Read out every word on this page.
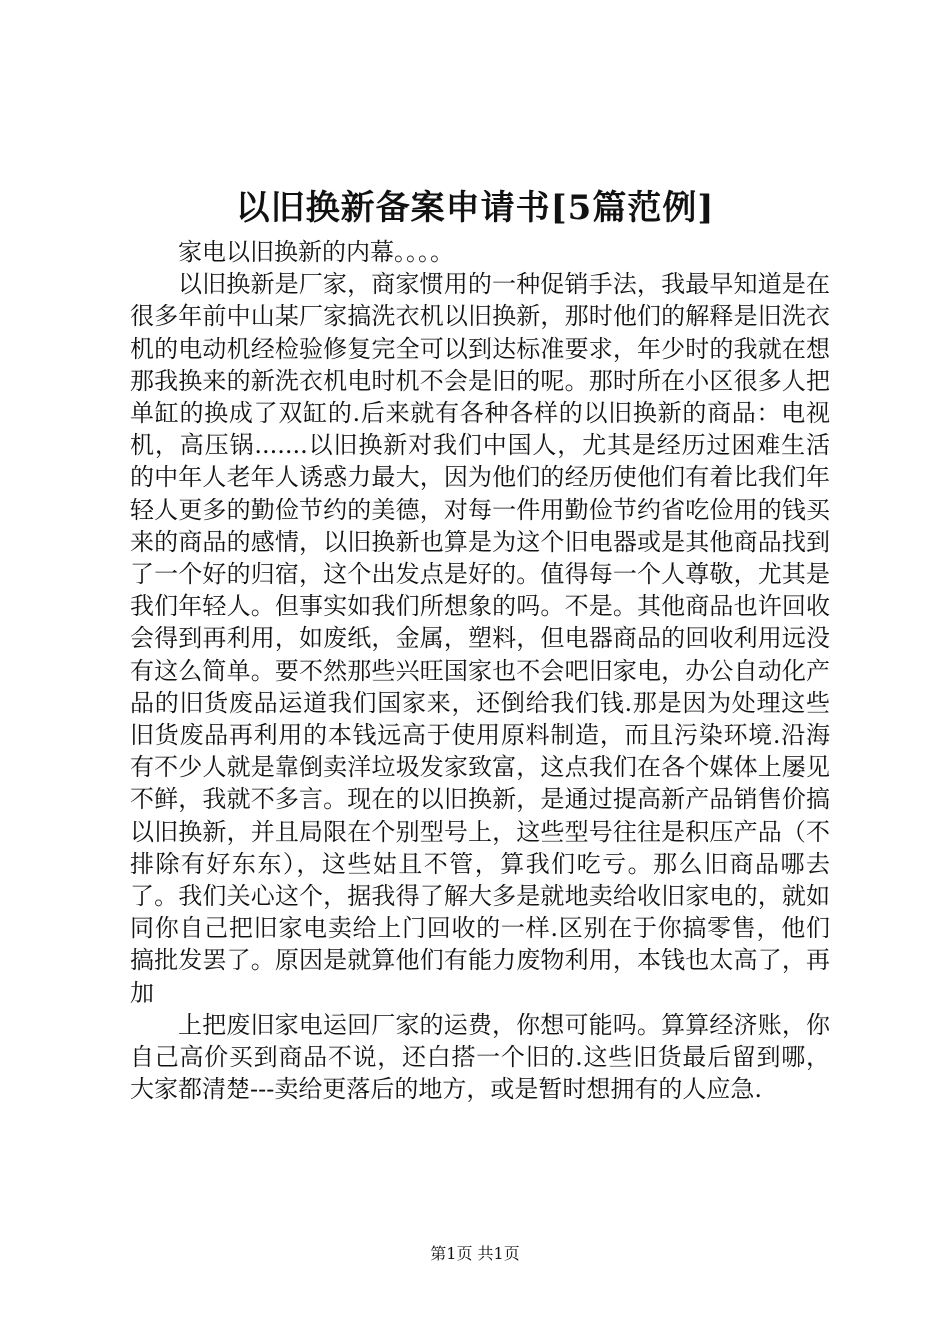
以旧换新备案申请书[5篇范例]

家电以旧换新的内幕。。。。

以旧换新是厂家，商家惯用的一种促销手法，我最早知道是在很多年前中山某厂家搞洗衣机以旧换新，那时他们的解释是旧洗衣机的电动机经检验修复完全可以到达标准要求，年少时的我就在想那我换来的新洗衣机电时机不会是旧的呢。那时所在小区很多人把单缸的换成了双缸的.后来就有各种各样的以旧换新的商品：电视机，高压锅.......以旧换新对我们中国人，尤其是经历过困难生活的中年人老年人诱惑力最大，因为他们的经历使他们有着比我们年轻人更多的勤俭节约的美德，对每一件用勤俭节约省吃俭用的钱买来的商品的感情，以旧换新也算是为这个旧电器或是其他商品找到了一个好的归宿，这个出发点是好的。值得每一个人尊敬，尤其是我们年轻人。但事实如我们所想象的吗。不是。其他商品也许回收会得到再利用，如废纸，金属，塑料，但电器商品的回收利用远没有这么简单。要不然那些兴旺国家也不会吧旧家电，办公自动化产品的旧货废品运道我们国家来，还倒给我们钱.那是因为处理这些旧货废品再利用的本钱远高于使用原料制造，而且污染环境.沿海有不少人就是靠倒卖洋垃圾发家致富，这点我们在各个媒体上屡见不鲜，我就不多言。现在的以旧换新，是通过提高新产品销售价搞以旧换新，并且局限在个别型号上，这些型号往往是积压产品（不排除有好东东），这些姑且不管，算我们吃亏。那么旧商品哪去了。我们关心这个，据我得了解大多是就地卖给收旧家电的，就如同你自己把旧家电卖给上门回收的一样.区别在于你搞零售，他们搞批发罢了。原因是就算他们有能力废物利用，本钱也太高了，再加

上把废旧家电运回厂家的运费，你想可能吗。算算经济账，你自己高价买到商品不说，还白搭一个旧的.这些旧货最后留到哪，大家都清楚---卖给更落后的地方，或是暂时想拥有的人应急.

第1页 共1页
